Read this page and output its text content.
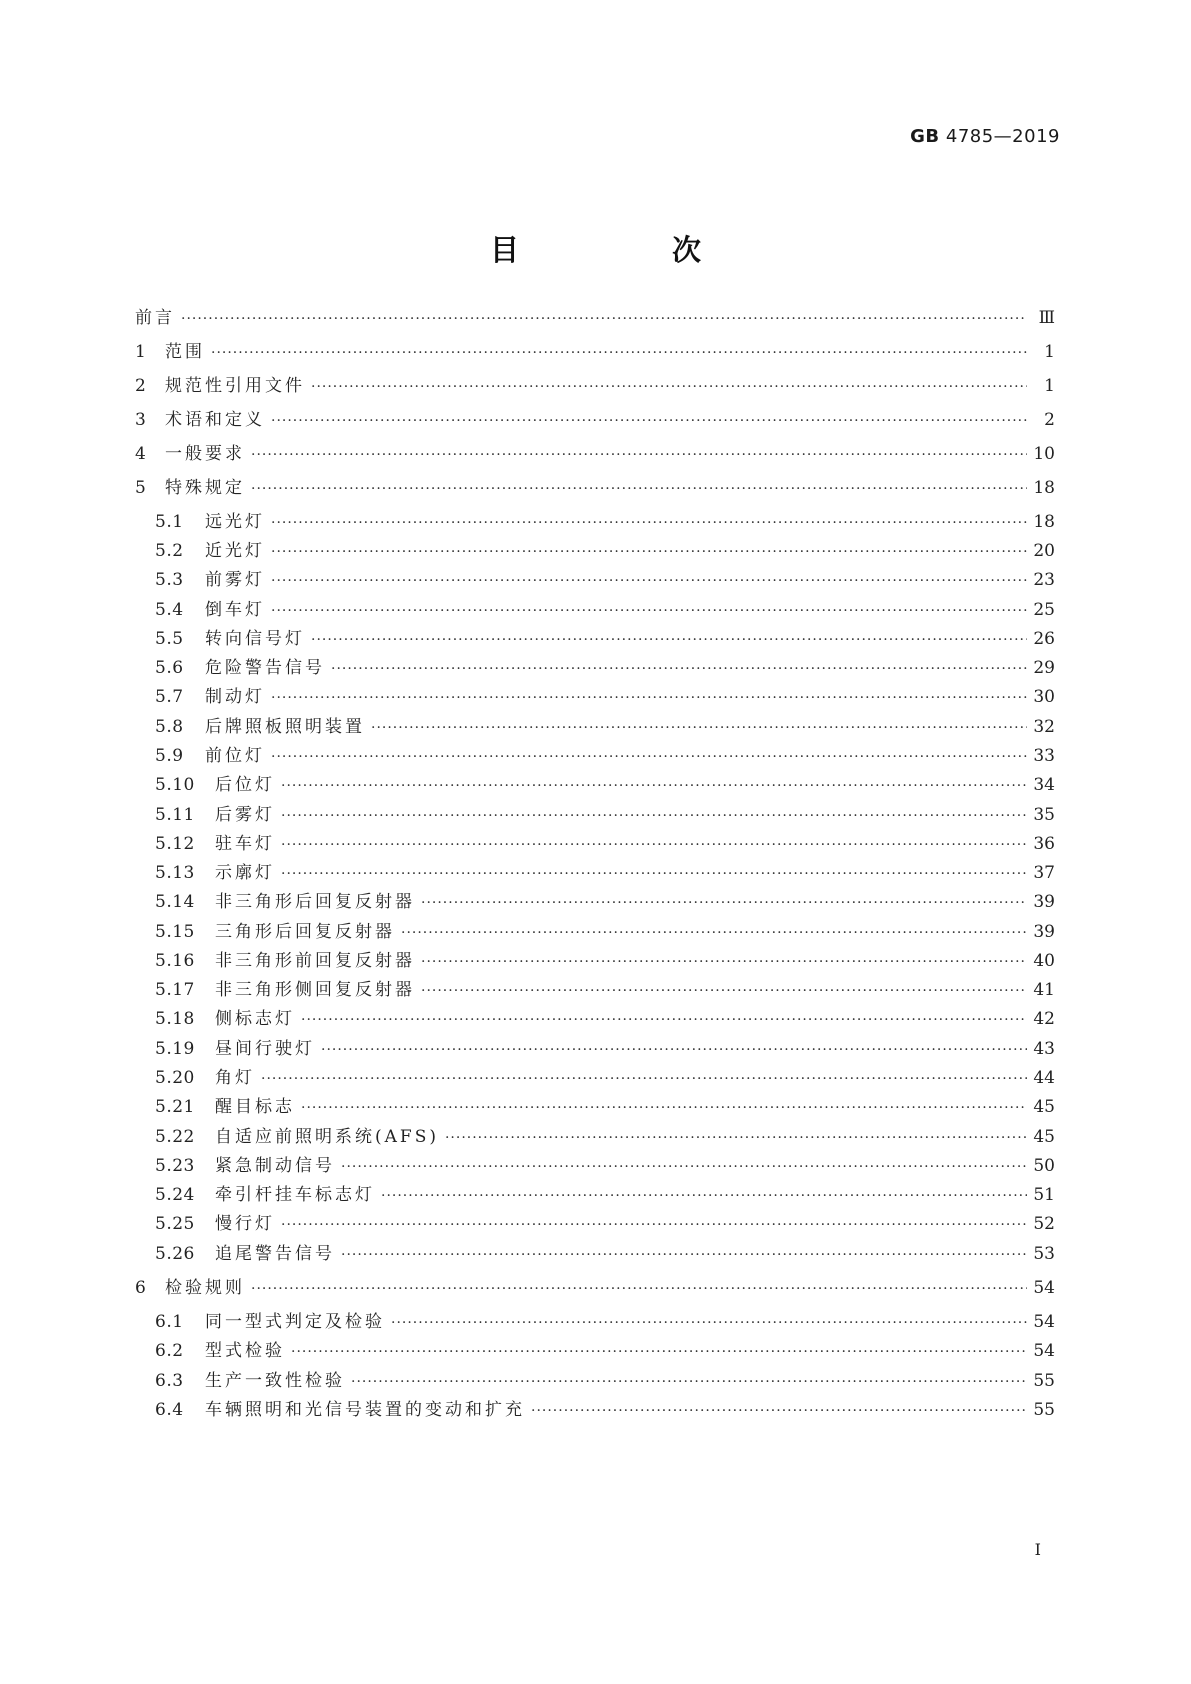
GB 4785—2019
目　次
前言 ·····	Ⅲ
1	范围 ·····	1
2	规范性引用文件 ·····	1
3	术语和定义 ·····	2
4	一般要求 ·····	10
5	特殊规定 ·····	18
5.1	远光灯 ·····	18
5.2	近光灯 ·····	20
5.3	前雾灯 ·····	23
5.4	倒车灯 ·····	25
5.5	转向信号灯 ·····	26
5.6	危险警告信号 ·····	29
5.7	制动灯 ·····	30
5.8	后牌照板照明装置 ·····	32
5.9	前位灯 ·····	33
5.10	后位灯 ·····	34
5.11	后雾灯 ·····	35
5.12	驻车灯 ·····	36
5.13	示廓灯 ·····	37
5.14	非三角形后回复反射器 ·····	39
5.15	三角形后回复反射器 ·····	39
5.16	非三角形前回复反射器 ·····	40
5.17	非三角形侧回复反射器 ·····	41
5.18	侧标志灯 ·····	42
5.19	昼间行驶灯 ·····	43
5.20	角灯 ·····	44
5.21	醒目标志 ·····	45
5.22	自适应前照明系统(AFS) ·····	45
5.23	紧急制动信号 ·····	50
5.24	牵引杆挂车标志灯 ·····	51
5.25	慢行灯 ·····	52
5.26	追尾警告信号 ·····	53
6	检验规则 ·····	54
6.1	同一型式判定及检验 ·····	54
6.2	型式检验 ·····	54
6.3	生产一致性检验 ·····	55
6.4	车辆照明和光信号装置的变动和扩充 ·····	55
Ⅰ
